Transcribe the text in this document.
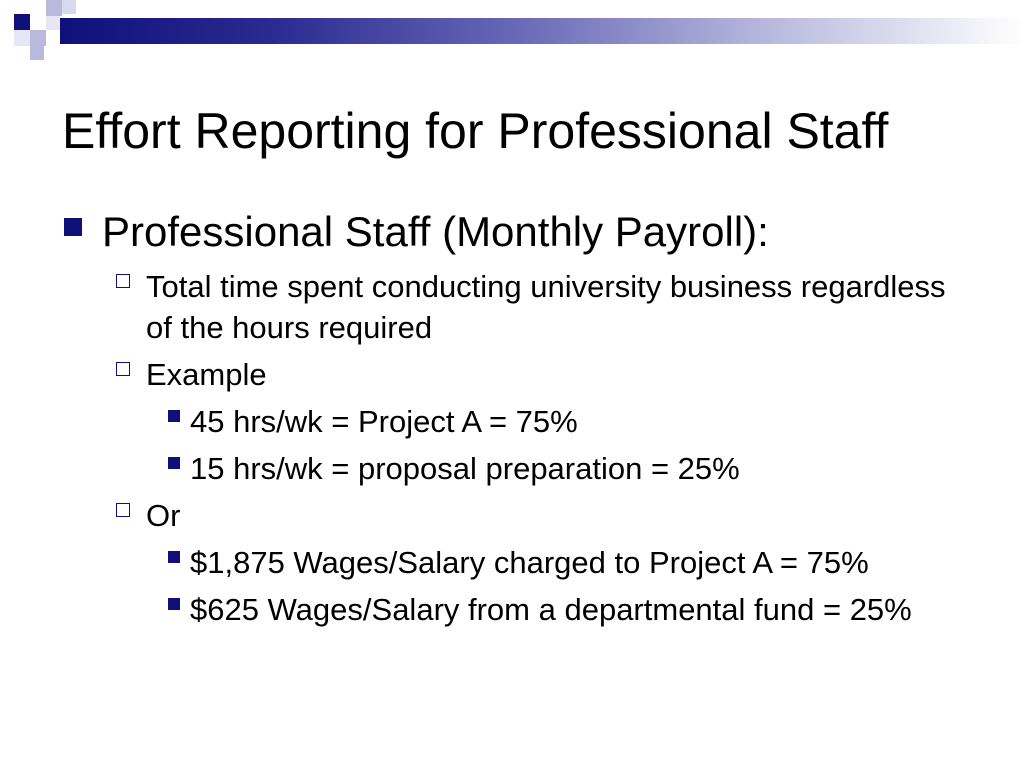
Effort Reporting for Professional Staff
Professional Staff (Monthly Payroll):
Total time spent conducting university business regardless of the hours required
Example
45 hrs/wk = Project A = 75%
15 hrs/wk = proposal preparation = 25%
Or
$1,875 Wages/Salary charged to Project A = 75%
$625 Wages/Salary from a departmental fund = 25%
